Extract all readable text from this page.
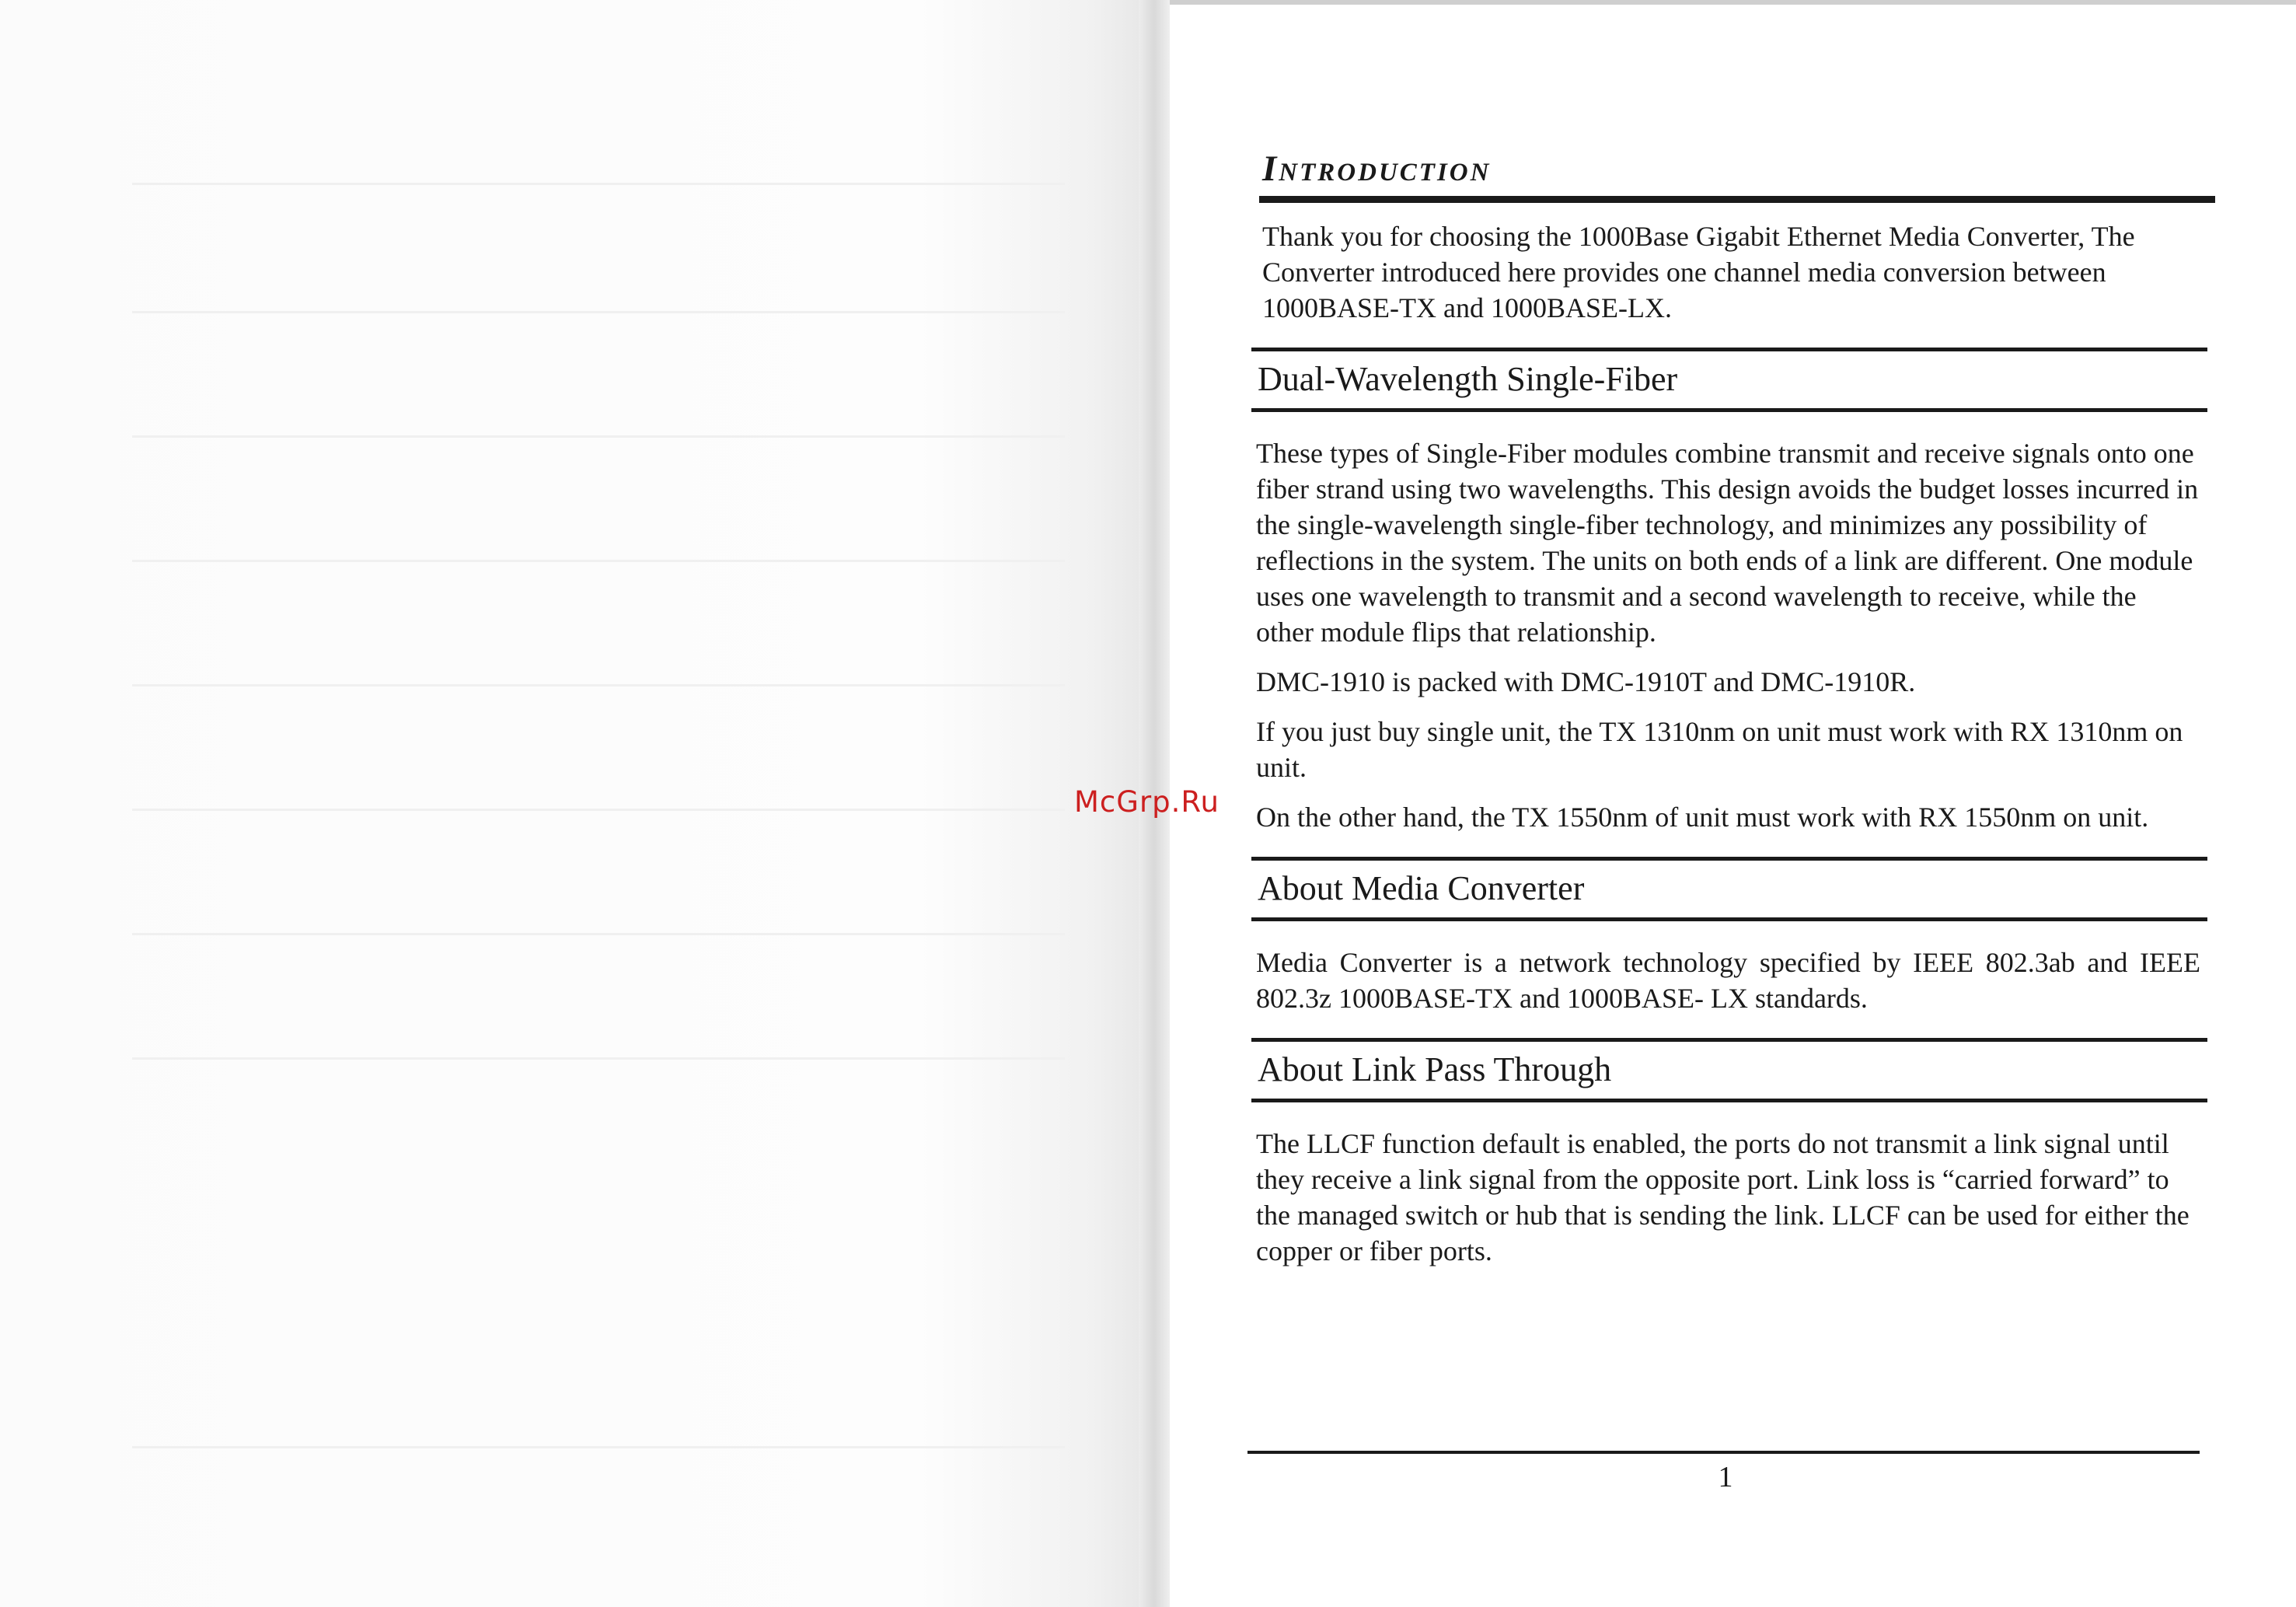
McGrp.Ru
Introduction

Thank you for choosing the 1000Base Gigabit Ethernet Media Converter, The Converter introduced here provides one channel media conversion between 1000BASE-TX and 1000BASE-LX.

Dual-Wavelength Single-Fiber

These types of Single-Fiber modules combine transmit and receive signals onto one fiber strand using two wavelengths. This design avoids the budget losses incurred in the single-wavelength single-fiber technology, and minimizes any possibility of reflections in the system. The units on both ends of a link are different. One module uses one wavelength to transmit and a second wavelength to receive, while the other module flips that relationship.

DMC-1910 is packed with DMC-1910T and DMC-1910R.

If you just buy single unit, the TX 1310nm on unit must work with RX 1310nm on unit.

On the other hand, the TX 1550nm of unit must work with RX 1550nm on unit.

About Media Converter

Media Converter is a network technology specified by IEEE 802.3ab and IEEE 802.3z 1000BASE-TX and 1000BASE- LX standards.

About Link Pass Through

The LLCF function default is enabled, the ports do not transmit a link signal until they receive a link signal from the opposite port. Link loss is “carried forward” to the managed switch or hub that is sending the link. LLCF can be used for either the copper or fiber ports.

1
